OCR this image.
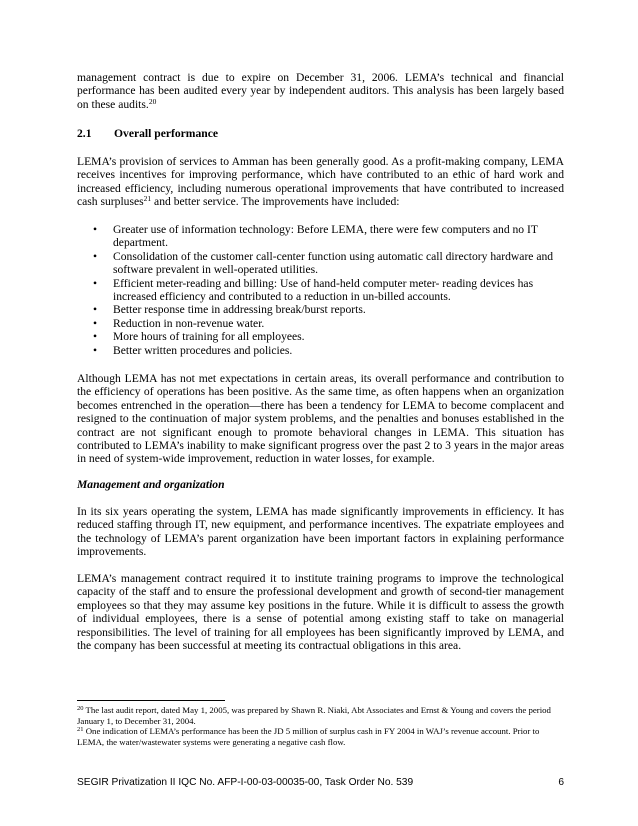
management contract is due to expire on December 31, 2006. LEMA’s technical and financial performance has been audited every year by independent auditors. This analysis has been largely based on these audits.$^{20}$

2.1 Overall performance

LEMA’s provision of services to Amman has been generally good. As a profit-making company, LEMA receives incentives for improving performance, which have contributed to an ethic of hard work and increased efficiency, including numerous operational improvements that have contributed to increased cash surpluses$^{21}$ and better service. The improvements have included:

• Greater use of information technology: Before LEMA, there were few computers and no IT department.
• Consolidation of the customer call-center function using automatic call directory hardware and software prevalent in well-operated utilities.
• Efficient meter-reading and billing: Use of hand-held computer meter- reading devices has increased efficiency and contributed to a reduction in un-billed accounts.
• Better response time in addressing break/burst reports.
• Reduction in non-revenue water.
• More hours of training for all employees.
• Better written procedures and policies.

Although LEMA has not met expectations in certain areas, its overall performance and contribution to the efficiency of operations has been positive. As the same time, as often happens when an organization becomes entrenched in the operation—there has been a tendency for LEMA to become complacent and resigned to the continuation of major system problems, and the penalties and bonuses established in the contract are not significant enough to promote behavioral changes in LEMA. This situation has contributed to LEMA’s inability to make significant progress over the past 2 to 3 years in the major areas in need of system-wide improvement, reduction in water losses, for example.

Management and organization

In its six years operating the system, LEMA has made significantly improvements in efficiency. It has reduced staffing through IT, new equipment, and performance incentives. The expatriate employees and the technology of LEMA’s parent organization have been important factors in explaining performance improvements.

LEMA’s management contract required it to institute training programs to improve the technological capacity of the staff and to ensure the professional development and growth of second-tier management employees so that they may assume key positions in the future. While it is difficult to assess the growth of individual employees, there is a sense of potential among existing staff to take on managerial responsibilities. The level of training for all employees has been significantly improved by LEMA, and the company has been successful at meeting its contractual obligations in this area.

$^{20}$ The last audit report, dated May 1, 2005, was prepared by Shawn R. Niaki, Abt Associates and Ernst & Young and covers the period January 1, to December 31, 2004.

$^{21}$ One indication of LEMA’s performance has been the JD 5 million of surplus cash in FY 2004 in WAJ’s revenue account. Prior to LEMA, the water/wastewater systems were generating a negative cash flow.

SEGIR Privatization II IQC No. AFP-I-00-03-00035-00, Task Order No. 539	6
